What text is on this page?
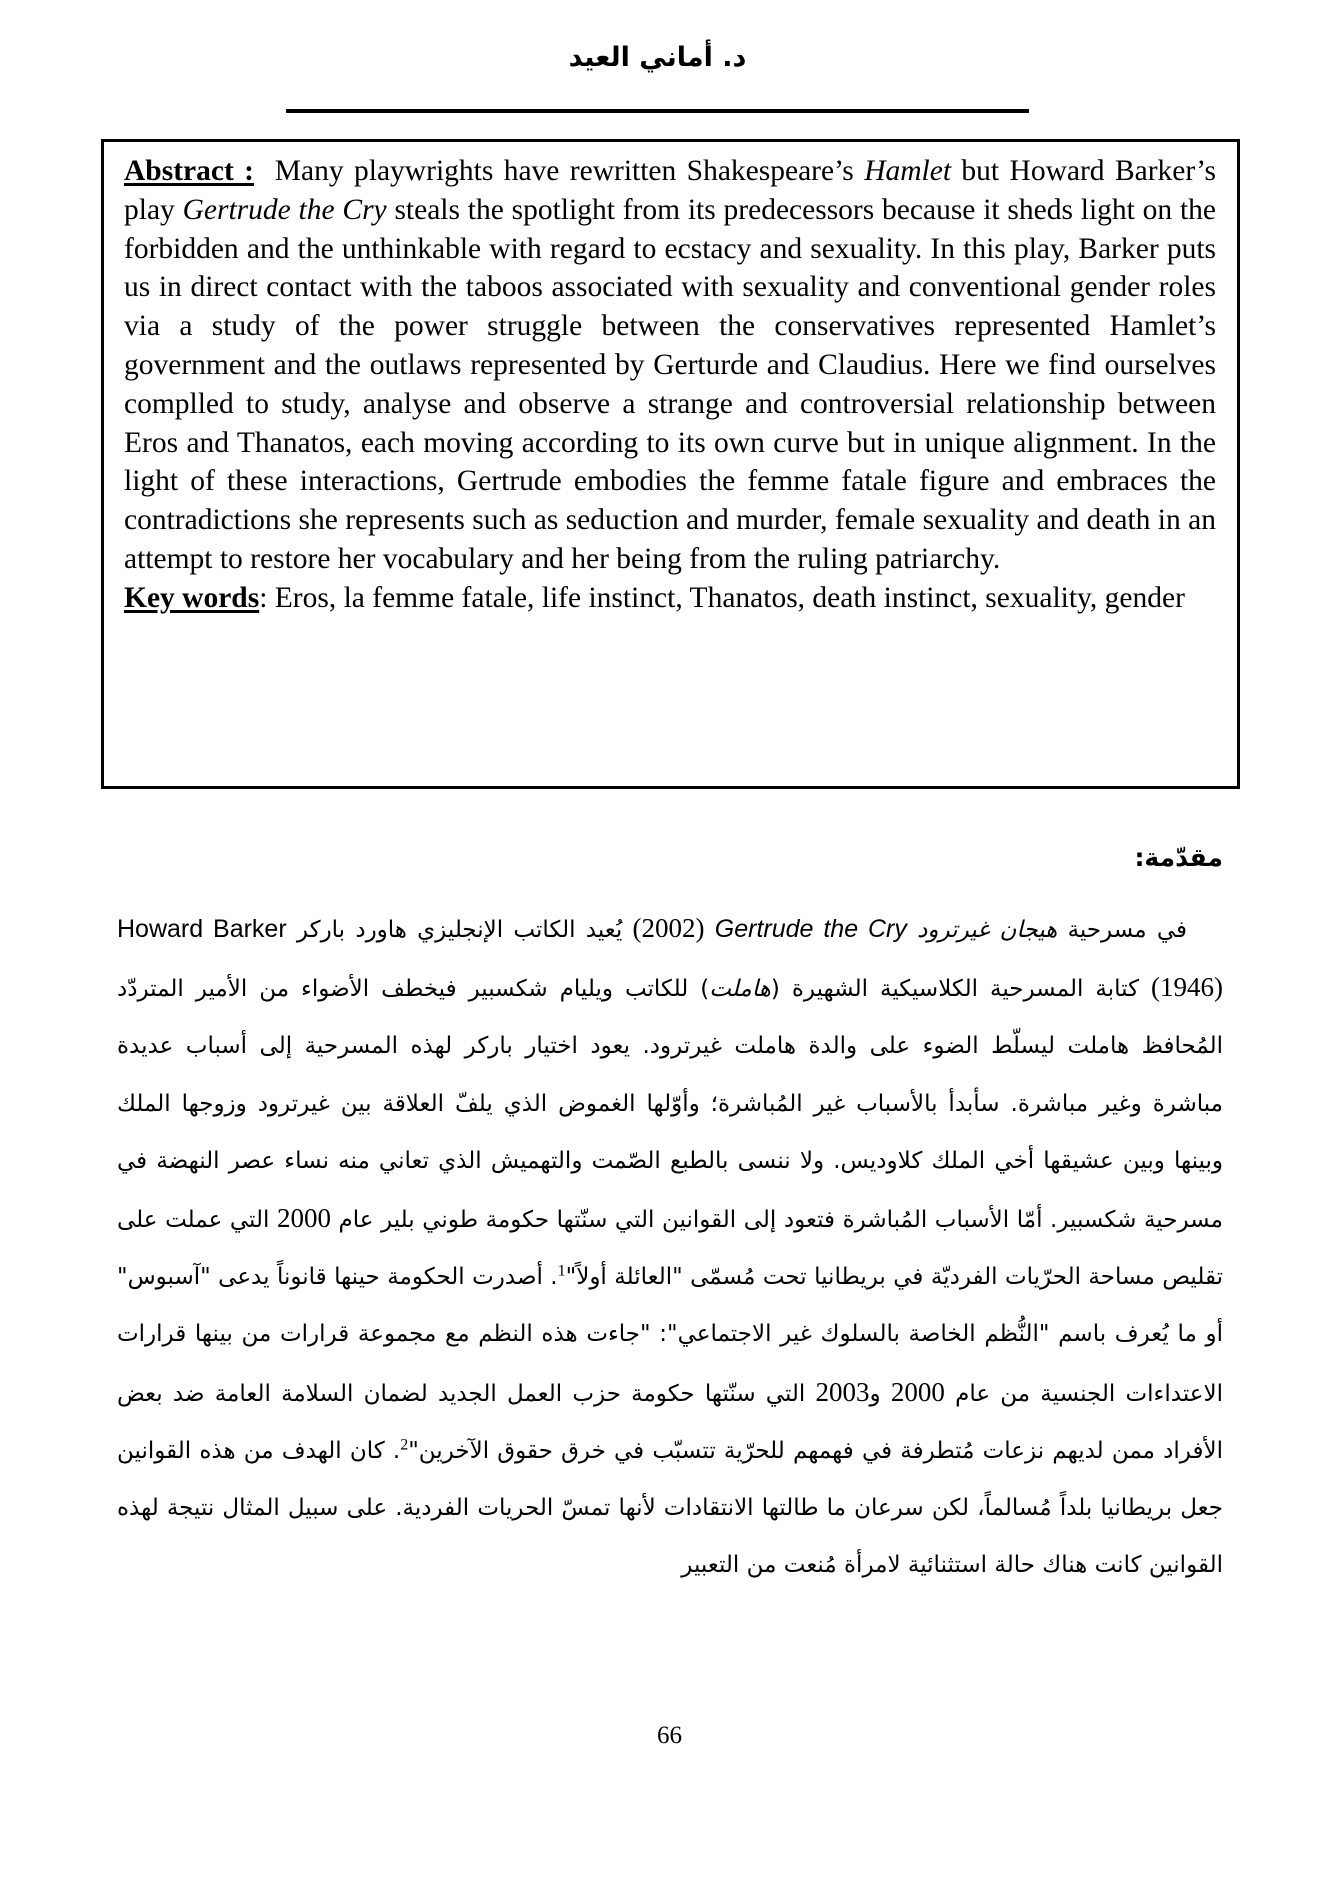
د. أماني العيد

Abstract :  Many playwrights have rewritten Shakespeare’s Hamlet but Howard Barker’s play Gertrude the Cry steals the spotlight from its predecessors because it sheds light on the forbidden and the unthinkable with regard to ecstacy and sexuality. In this play, Barker puts us in direct contact with the taboos associated with sexuality and conventional gender roles via a study of the power struggle between the conservatives represented Hamlet’s government and the outlaws represented by Gerturde and Claudius. Here we find ourselves complled to study, analyse and observe a strange and controversial relationship between Eros and Thanatos, each moving according to its own curve but in unique alignment. In the light of these interactions, Gertrude embodies the femme fatale figure and embraces the contradictions she represents such as seduction and murder, female sexuality and death in an attempt to restore her vocabulary and her being from the ruling patriarchy.

Key words: Eros, la femme fatale, life instinct, Thanatos, death instinct, sexuality, gender

مقدّمة:

في مسرحية هيجان غيرترود Gertrude the Cry (2002) يُعيد الكاتب الإنجليزي هاورد باركر Howard Barker (1946) كتابة المسرحية الكلاسيكية الشهيرة (هاملت) للكاتب ويليام شكسبير فيخطف الأضواء من الأمير المتردّد المُحافظ هاملت ليسلّط الضوء على والدة هاملت غيرترود. يعود اختيار باركر لهذه المسرحية إلى أسباب عديدة مباشرة وغير مباشرة. سأبدأ بالأسباب غير المُباشرة؛ وأوّلها الغموض الذي يلفّ العلاقة بين غيرترود وزوجها الملك وبينها وبين عشيقها أخي الملك كلاوديس. ولا ننسى بالطبع الصّمت والتهميش الذي تعاني منه نساء عصر النهضة في مسرحية شكسبير. أمّا الأسباب المُباشرة فتعود إلى القوانين التي سنّتها حكومة طوني بلير عام 2000 التي عملت على تقليص مساحة الحرّيات الفرديّة في بريطانيا تحت مُسمّى "العائلة أولاً"$^1$. أصدرت الحكومة حينها قانوناً يدعى "آسبوس" أو ما يُعرف باسم "النُّظم الخاصة بالسلوك غير الاجتماعي": "جاءت هذه النظم مع مجموعة قرارات من بينها قرارات الاعتداءات الجنسية من عام 2000 و2003 التي سنّتها حكومة حزب العمل الجديد لضمان السلامة العامة ضد بعض الأفراد ممن لديهم نزعات مُتطرفة في فهمهم للحرّية تتسبّب في خرق حقوق الآخرين"$^2$. كان الهدف من هذه القوانين جعل بريطانيا بلداً مُسالماً، لكن سرعان ما طالتها الانتقادات لأنها تمسّ الحريات الفردية. على سبيل المثال نتيجة لهذه القوانين كانت هناك حالة استثنائية لامرأة مُنعت من التعبير

66
